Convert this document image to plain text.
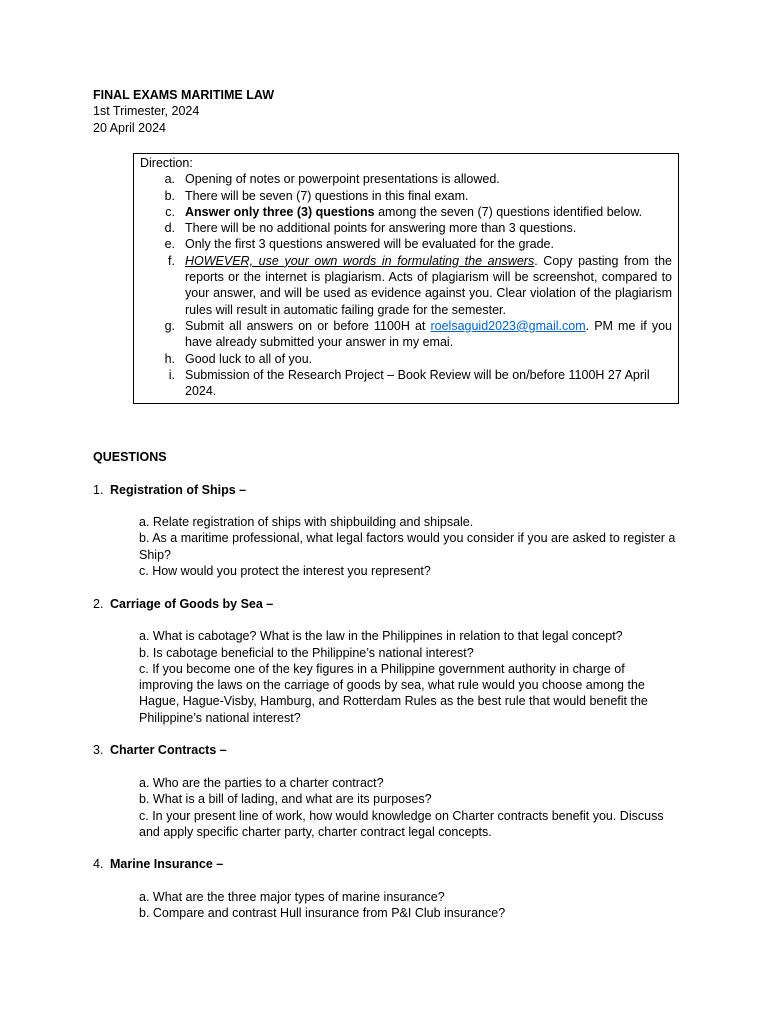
FINAL EXAMS MARITIME LAW
1st Trimester, 2024
20 April 2024
Direction:
a. Opening of notes or powerpoint presentations is allowed.
b. There will be seven (7) questions in this final exam.
c. Answer only three (3) questions among the seven (7) questions identified below.
d. There will be no additional points for answering more than 3 questions.
e. Only the first 3 questions answered will be evaluated for the grade.
f. HOWEVER, use your own words in formulating the answers. Copy pasting from the reports or the internet is plagiarism. Acts of plagiarism will be screenshot, compared to your answer, and will be used as evidence against you. Clear violation of the plagiarism rules will result in automatic failing grade for the semester.
g. Submit all answers on or before 1100H at roelsaguid2023@gmail.com. PM me if you have already submitted your answer in my emai.
h. Good luck to all of you.
i. Submission of the Research Project – Book Review will be on/before 1100H 27 April 2024.
QUESTIONS
1. Registration of Ships –
a. Relate registration of ships with shipbuilding and shipsale.
b. As a maritime professional, what legal factors would you consider if you are asked to register a Ship?
c. How would you protect the interest you represent?
2. Carriage of Goods by Sea –
a. What is cabotage? What is the law in the Philippines in relation to that legal concept?
b. Is cabotage beneficial to the Philippine’s national interest?
c. If you become one of the key figures in a Philippine government authority in charge of improving the laws on the carriage of goods by sea, what rule would you choose among the Hague, Hague-Visby, Hamburg, and Rotterdam Rules as the best rule that would benefit the Philippine’s national interest?
3. Charter Contracts –
a. Who are the parties to a charter contract?
b. What is a bill of lading, and what are its purposes?
c. In your present line of work, how would knowledge on Charter contracts benefit you. Discuss and apply specific charter party, charter contract legal concepts.
4. Marine Insurance –
a. What are the three major types of marine insurance?
b. Compare and contrast Hull insurance from P&I Club insurance?
